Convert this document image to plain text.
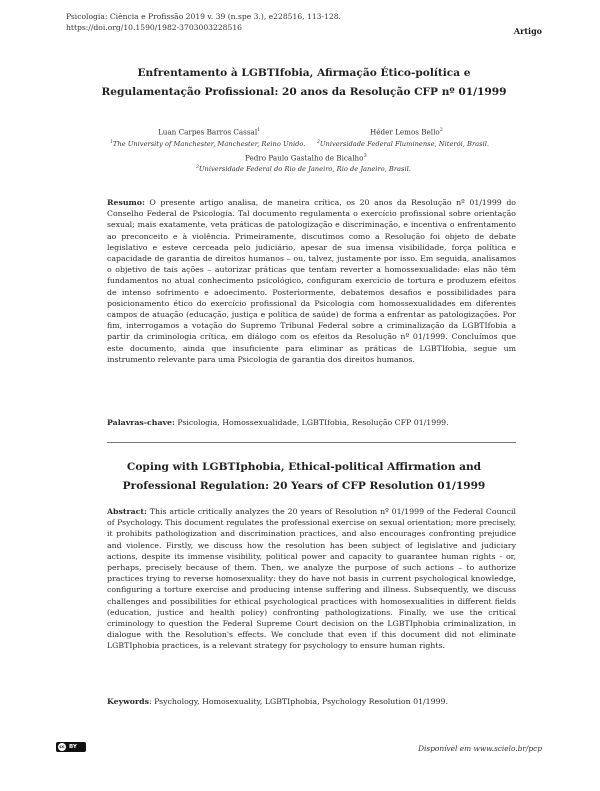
Psicologia: Ciência e Profissão 2019 v. 39 (n.spe 3.), e228516, 113-128.
https://doi.org/10.1590/1982-3703003228516	Artigo
Enfrentamento à LGBTIfobia, Afirmação Ético-política e
Regulamentação Profissional: 20 anos da Resolução CFP nº 01/1999
Luan Carpes Barros Cassal$^1$	Héder Lemos Bello$^2$
$^1$The University of Manchester, Manchester, Reino Unido.	$^2$Universidade Federal Fluminense, Niterói, Brasil.
Pedro Paulo Gastalho de Bicalho$^3$
$^3$Universidade Federal do Rio de Janeiro, Rio de Janeiro, Brasil.
Resumo: O presente artigo analisa, de maneira crítica, os 20 anos da Resolução nº 01/1999 do Conselho Federal de Psicologia. Tal documento regulamenta o exercício profissional sobre orientação sexual; mais exatamente, veta práticas de patologização e discriminação, e incentiva o enfrentamento ao preconceito e à violência. Primeiramente, discutimos como a Resolução foi objeto de debate legislativo e esteve cerceada pelo judiciário, apesar de sua imensa visibilidade, força política e capacidade de garantia de direitos humanos – ou, talvez, justamente por isso. Em seguida, analisamos o objetivo de tais ações – autorizar práticas que tentam reverter a homossexualidade: elas não têm fundamentos no atual conhecimento psicológico, configuram exercício de tortura e produzem efeitos de intenso sofrimento e adoecimento. Posteriormente, debatemos desafios e possibilidades para posicionamento ético do exercício profissional da Psicologia com homossexualidades em diferentes campos de atuação (educação, justiça e política de saúde) de forma a enfrentar as patologizações. Por fim, interrogamos a votação do Supremo Tribunal Federal sobre a criminalização da LGBTIfobia a partir da criminologia crítica, em diálogo com os efeitos da Resolução nº 01/1999. Concluímos que este documento, ainda que insuficiente para eliminar as práticas de LGBTIfobia, segue um instrumento relevante para uma Psicologia de garantia dos direitos humanos.
Palavras-chave: Psicologia, Homossexualidade, LGBTIfobia, Resolução CFP 01/1999.
Coping with LGBTIphobia, Ethical-political Affirmation and
Professional Regulation: 20 Years of CFP Resolution 01/1999
Abstract: This article critically analyzes the 20 years of Resolution nº 01/1999 of the Federal Council of Psychology. This document regulates the professional exercise on sexual orientation; more precisely, it prohibits pathologization and discrimination practices, and also encourages confronting prejudice and violence. Firstly, we discuss how the resolution has been subject of legislative and judiciary actions, despite its immense visibility, political power and capacity to guarantee human rights - or, perhaps, precisely because of them. Then, we analyze the purpose of such actions – to authorize practices trying to reverse homosexuality: they do have not basis in current psychological knowledge, configuring a torture exercise and producing intense suffering and illness. Subsequently, we discuss challenges and possibilities for ethical psychological practices with homosexualities in different fields (education, justice and health policy) confronting pathologizations. Finally, we use the critical criminology to question the Federal Supreme Court decision on the LGBTIphobia criminalization, in dialogue with the Resolution's effects. We conclude that even if this document did not eliminate LGBTIphobia practices, is a relevant strategy for psychology to ensure human rights.
Keywords: Psychology, Homosexuality, LGBTIphobia, Psychology Resolution 01/1999.
cc BY	Disponível em www.scielo.br/pcp
